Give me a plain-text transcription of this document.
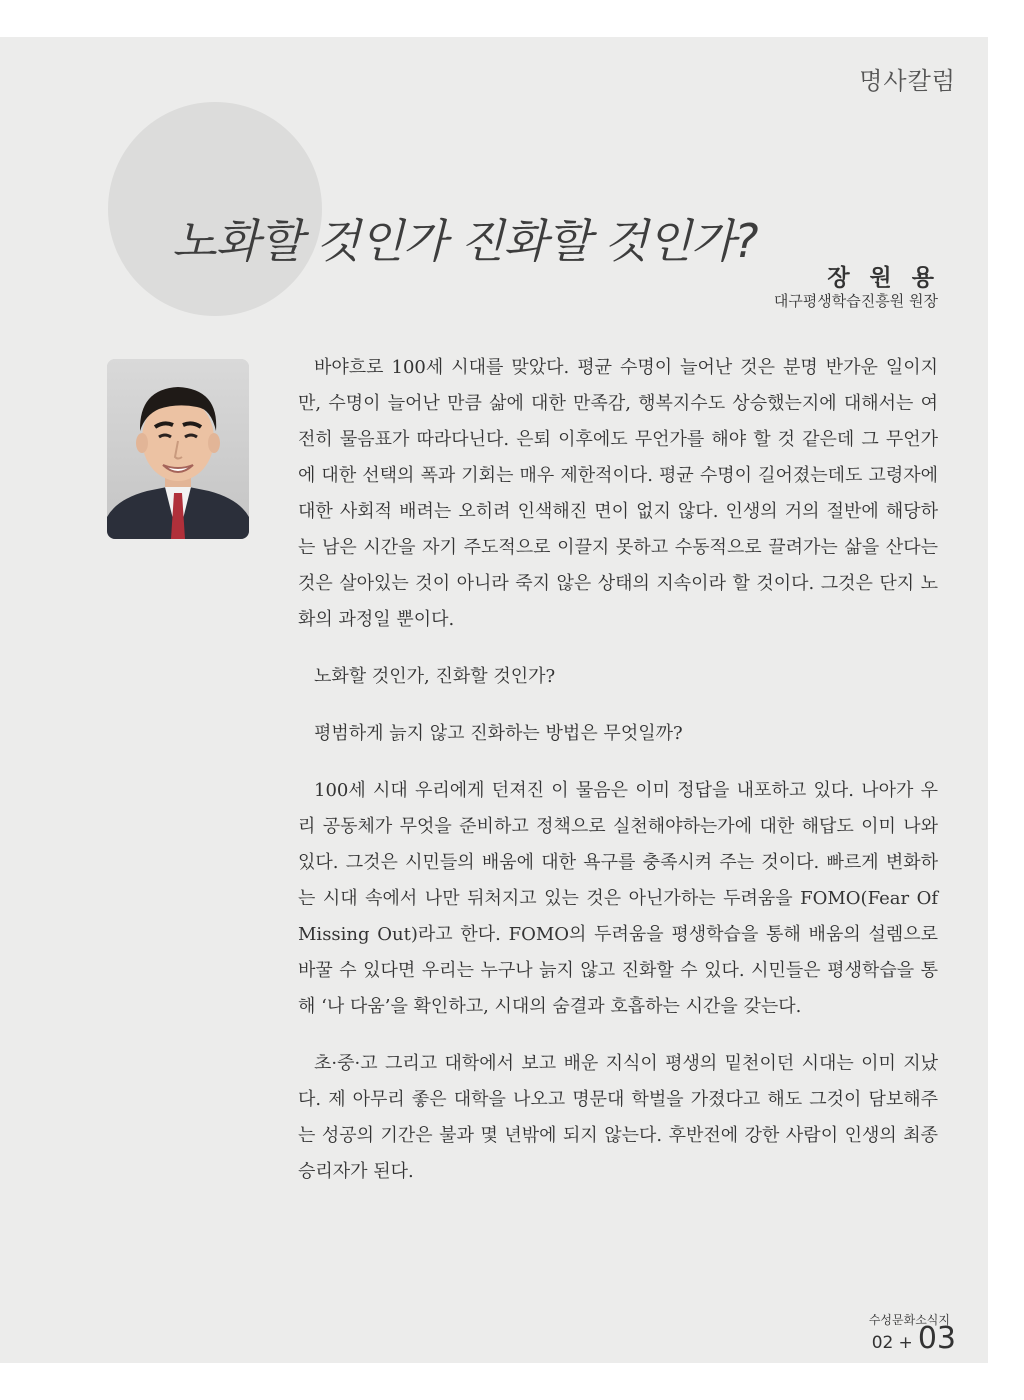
명사칼럼
노화할 것인가 진화할 것인가?
장 원 용
대구평생학습진흥원 원장

바야흐로 100세 시대를 맞았다. 평균 수명이 늘어난 것은 분명 반가운 일이지만, 수명이 늘어난 만큼 삶에 대한 만족감, 행복지수도 상승했는지에 대해서는 여전히 물음표가 따라다닌다. 은퇴 이후에도 무언가를 해야 할 것 같은데 그 무언가에 대한 선택의 폭과 기회는 매우 제한적이다. 평균 수명이 길어졌는데도 고령자에 대한 사회적 배려는 오히려 인색해진 면이 없지 않다. 인생의 거의 절반에 해당하는 남은 시간을 자기 주도적으로 이끌지 못하고 수동적으로 끌려가는 삶을 산다는 것은 살아있는 것이 아니라 죽지 않은 상태의 지속이라 할 것이다. 그것은 단지 노화의 과정일 뿐이다.

노화할 것인가, 진화할 것인가?

평범하게 늙지 않고 진화하는 방법은 무엇일까?

100세 시대 우리에게 던져진 이 물음은 이미 정답을 내포하고 있다. 나아가 우리 공동체가 무엇을 준비하고 정책으로 실천해야하는가에 대한 해답도 이미 나와 있다. 그것은 시민들의 배움에 대한 욕구를 충족시켜 주는 것이다. 빠르게 변화하는 시대 속에서 나만 뒤처지고 있는 것은 아닌가하는 두려움을 FOMO(Fear Of Missing Out)라고 한다. FOMO의 두려움을 평생학습을 통해 배움의 설렘으로 바꿀 수 있다면 우리는 누구나 늙지 않고 진화할 수 있다. 시민들은 평생학습을 통해 ‘나 다움’을 확인하고, 시대의 숨결과 호흡하는 시간을 갖는다.

초·중·고 그리고 대학에서 보고 배운 지식이 평생의 밑천이던 시대는 이미 지났다. 제 아무리 좋은 대학을 나오고 명문대 학벌을 가졌다고 해도 그것이 담보해주는 성공의 기간은 불과 몇 년밖에 되지 않는다. 후반전에 강한 사람이 인생의 최종 승리자가 된다.

수성문화소식지
02 + 03
